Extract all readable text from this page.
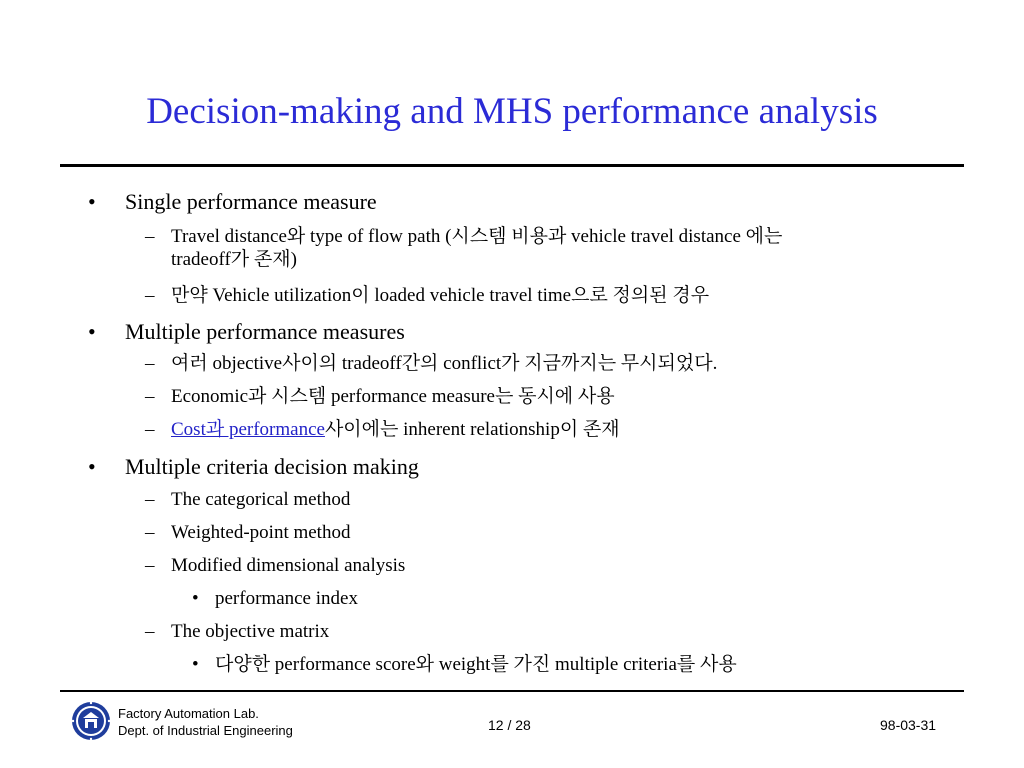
Decision-making and MHS performance analysis
• Single performance measure
– Travel distance와 type of flow path (시스템 비용과 vehicle travel distance 에는
tradeoff가 존재)
– 만약 Vehicle utilization이 loaded vehicle travel time으로 정의된 경우
• Multiple performance measures
– 여러 objective사이의 tradeoff간의 conflict가 지금까지는 무시되었다.
– Economic과 시스템 performance measure는 동시에 사용
– Cost과 performance사이에는 inherent relationship이 존재
• Multiple criteria decision making
– The categorical method
– Weighted-point method
– Modified dimensional analysis
• performance index
– The objective matrix
• 다양한 performance score와 weight를 가진 multiple criteria를 사용
Factory Automation Lab.
Dept. of Industrial Engineering	12 / 28	98-03-31
